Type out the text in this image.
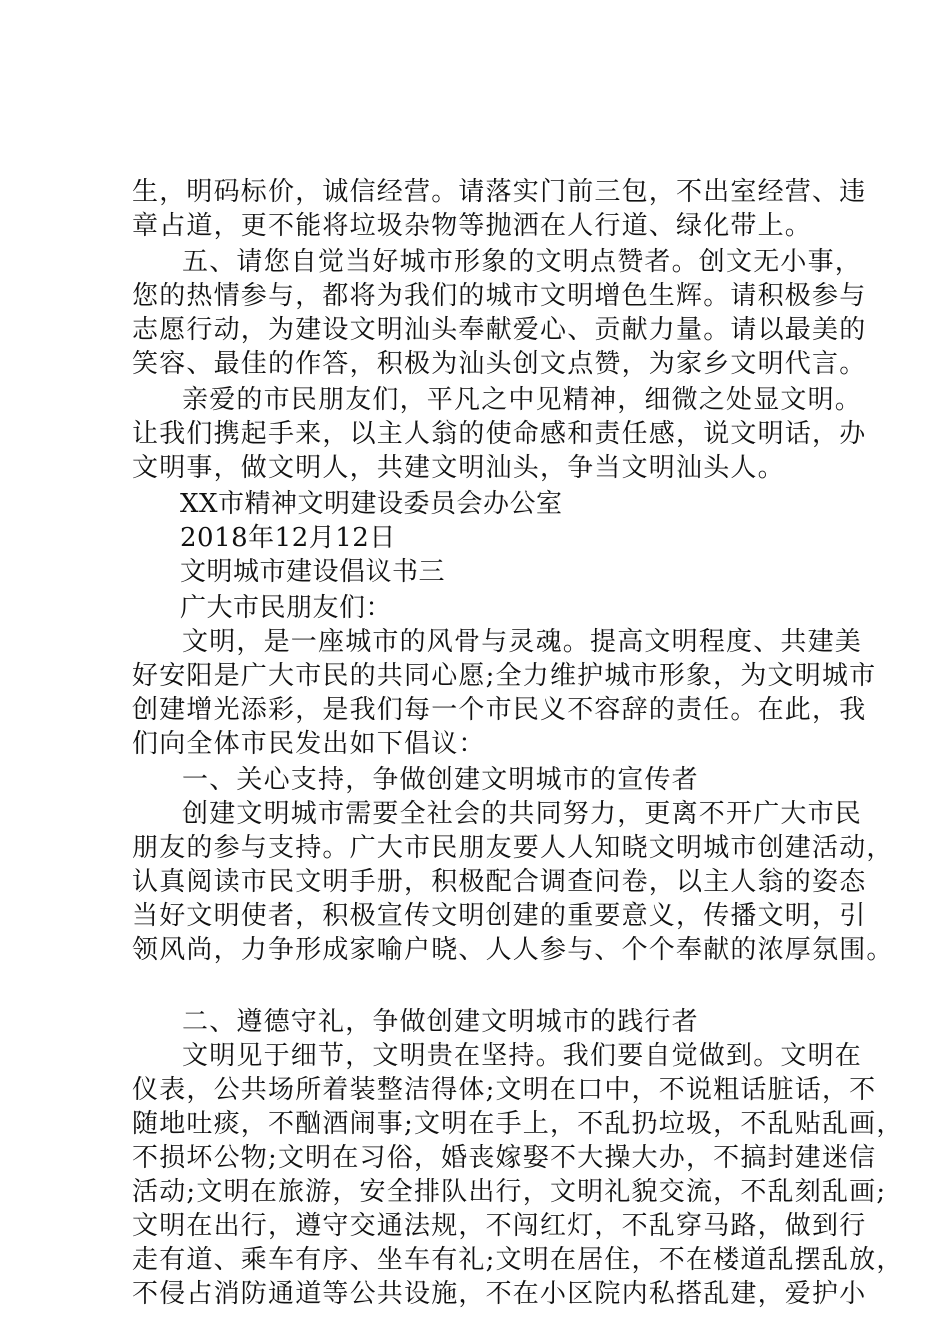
生，明码标价，诚信经营。请落实门前三包，不出室经营、违
章占道，更不能将垃圾杂物等抛洒在人行道、绿化带上。
五、请您自觉当好城市形象的文明点赞者。创文无小事，
您的热情参与，都将为我们的城市文明增色生辉。请积极参与
志愿行动，为建设文明汕头奉献爱心、贡献力量。请以最美的
笑容、最佳的作答，积极为汕头创文点赞，为家乡文明代言。
亲爱的市民朋友们，平凡之中见精神，细微之处显文明。
让我们携起手来，以主人翁的使命感和责任感，说文明话，办
文明事，做文明人，共建文明汕头，争当文明汕头人。
XX市精神文明建设委员会办公室
2018年12月12日
文明城市建设倡议书三
广大市民朋友们：
文明，是一座城市的风骨与灵魂。提高文明程度、共建美
好安阳是广大市民的共同心愿;全力维护城市形象，为文明城市
创建增光添彩，是我们每一个市民义不容辞的责任。在此，我
们向全体市民发出如下倡议：
一、关心支持，争做创建文明城市的宣传者
创建文明城市需要全社会的共同努力，更离不开广大市民
朋友的参与支持。广大市民朋友要人人知晓文明城市创建活动，
认真阅读市民文明手册，积极配合调查问卷，以主人翁的姿态
当好文明使者，积极宣传文明创建的重要意义，传播文明，引
领风尚，力争形成家喻户晓、人人参与、个个奉献的浓厚氛围。
二、遵德守礼，争做创建文明城市的践行者
文明见于细节，文明贵在坚持。我们要自觉做到。文明在
仪表，公共场所着装整洁得体;文明在口中，不说粗话脏话，不
随地吐痰，不酗酒闹事;文明在手上，不乱扔垃圾，不乱贴乱画，
不损坏公物;文明在习俗，婚丧嫁娶不大操大办，不搞封建迷信
活动;文明在旅游，安全排队出行，文明礼貌交流，不乱刻乱画;
文明在出行，遵守交通法规，不闯红灯，不乱穿马路，做到行
走有道、乘车有序、坐车有礼;文明在居住，不在楼道乱摆乱放，
不侵占消防通道等公共设施，不在小区院内私搭乱建，爱护小
